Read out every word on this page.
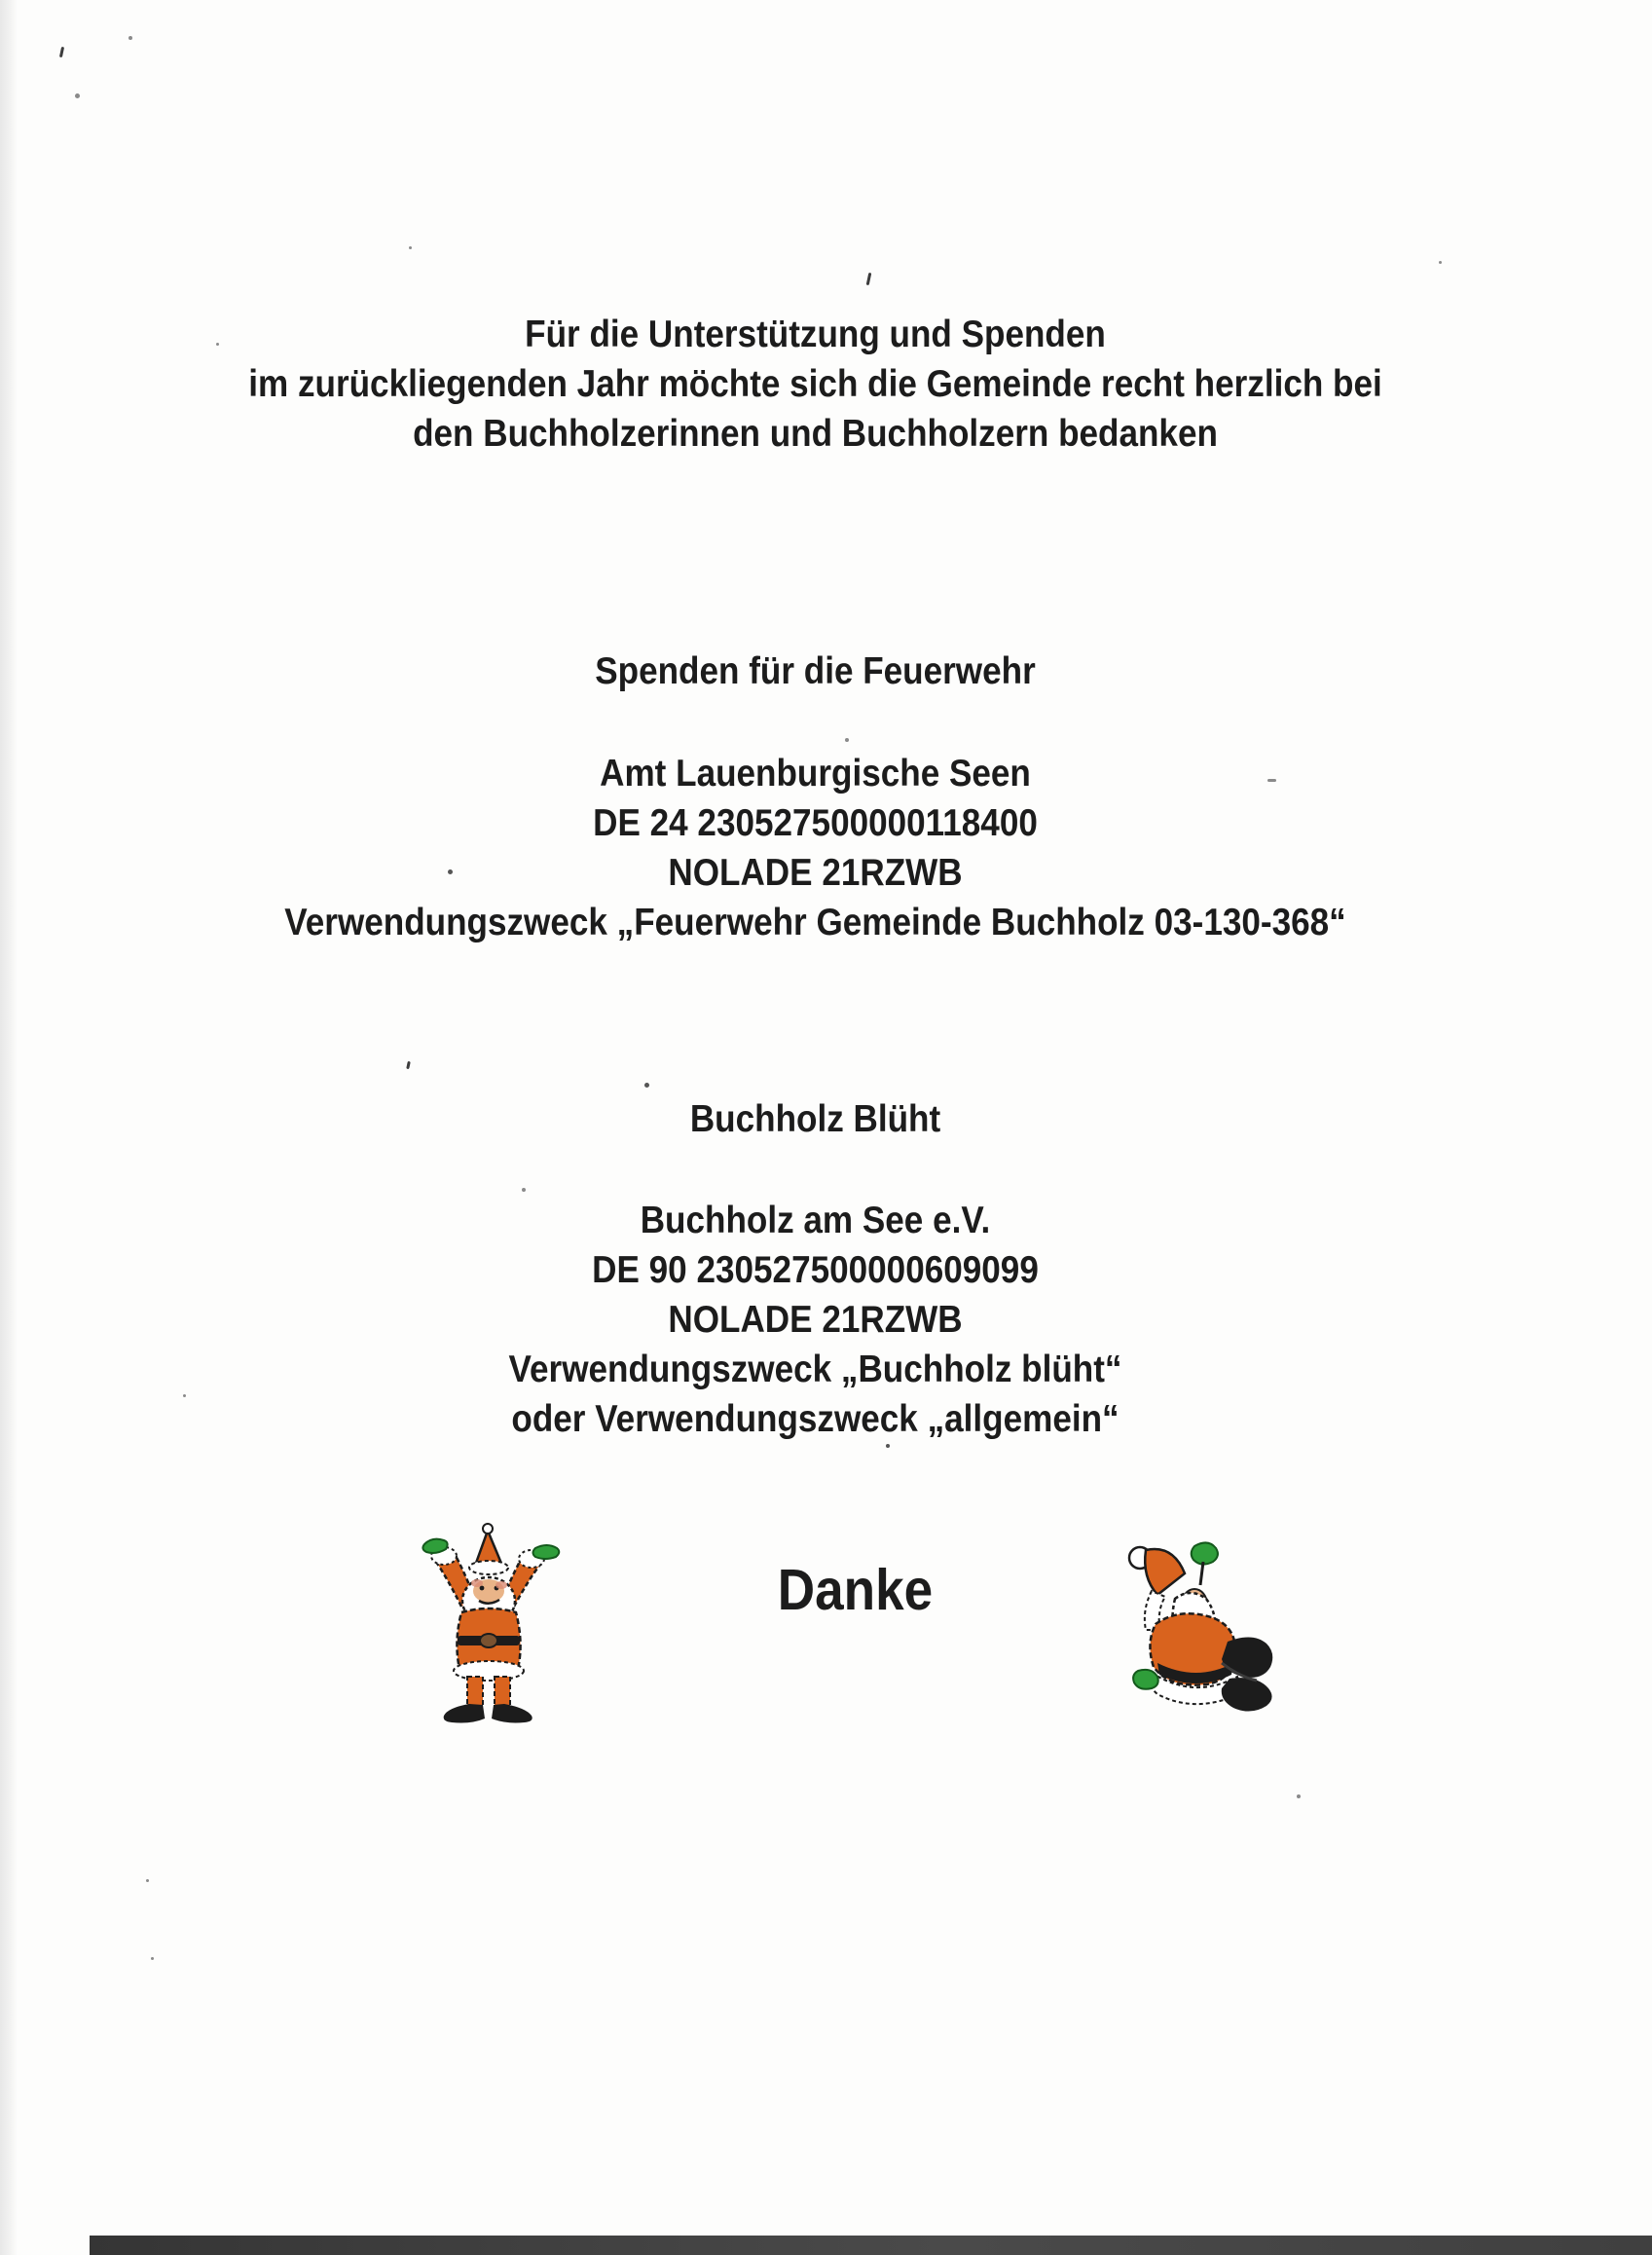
Für die Unterstützung und Spenden
im zurückliegenden Jahr möchte sich die Gemeinde recht herzlich bei
den Buchholzerinnen und Buchholzern bedanken
Spenden für die Feuerwehr
Amt Lauenburgische Seen
DE 24 230527500000118400
NOLADE 21RZWB
Verwendungszweck „Feuerwehr Gemeinde Buchholz 03-130-368“
Buchholz Blüht
Buchholz am See e.V.
DE 90 230527500000609099
NOLADE 21RZWB
Verwendungszweck „Buchholz blüht“
oder Verwendungszweck „allgemein“
Danke
